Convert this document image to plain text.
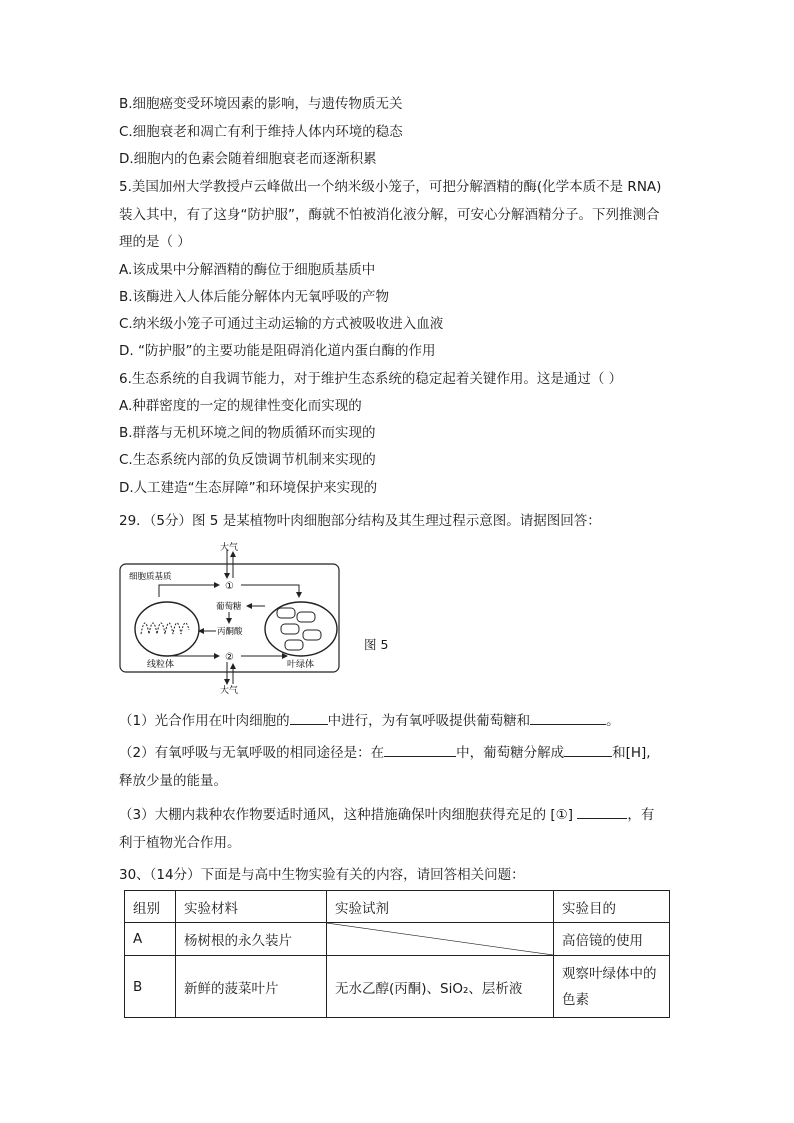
B.细胞癌变受环境因素的影响，与遗传物质无关
C.细胞衰老和凋亡有利于维持人体内环境的稳态
D.细胞内的色素会随着细胞衰老而逐渐积累
5.美国加州大学教授卢云峰做出一个纳米级小笼子，可把分解酒精的酶(化学本质不是 RNA)
装入其中，有了这身“防护服”，酶就不怕被消化液分解，可安心分解酒精分子。下列推测合
理的是（ ）
A.该成果中分解酒精的酶位于细胞质基质中
B.该酶进入人体后能分解体内无氧呼吸的产物
C.纳米级小笼子可通过主动运输的方式被吸收进入血液
D. “防护服”的主要功能是阻碍消化道内蛋白酶的作用
6.生态系统的自我调节能力，对于维护生态系统的稳定起着关键作用。这是通过（ ）
A.种群密度的一定的规律性变化而实现的
B.群落与无机环境之间的物质循环而实现的
C.生态系统内部的负反馈调节机制来实现的
D.人工建造“生态屏障”和环境保护来实现的
29．（5分）图 5 是某植物叶肉细胞部分结构及其生理过程示意图。请据图回答：
大气
细胞质基质
①
线粒体	叶绿体
葡萄糖
丙酮酸
②
大气
图 5
（1）光合作用在叶肉细胞的	中进行，为有氧呼吸提供葡萄糖和	。
（2）有氧呼吸与无氧呼吸的相同途径是：在	中，葡萄糖分解成	和[H],
释放少量的能量。
（3）大棚内栽种农作物要适时通风，这种措施确保叶肉细胞获得充足的 [①]	，有
利于植物光合作用。
30、（14分）下面是与高中生物实验有关的内容，请回答相关问题：
组别	实验材料	实验试剂	实验目的
A	杨树根的永久装片		高倍镜的使用
B	新鲜的菠菜叶片	无水乙醇(丙酮)、SiO₂、层析液	观察叶绿体中的色素
